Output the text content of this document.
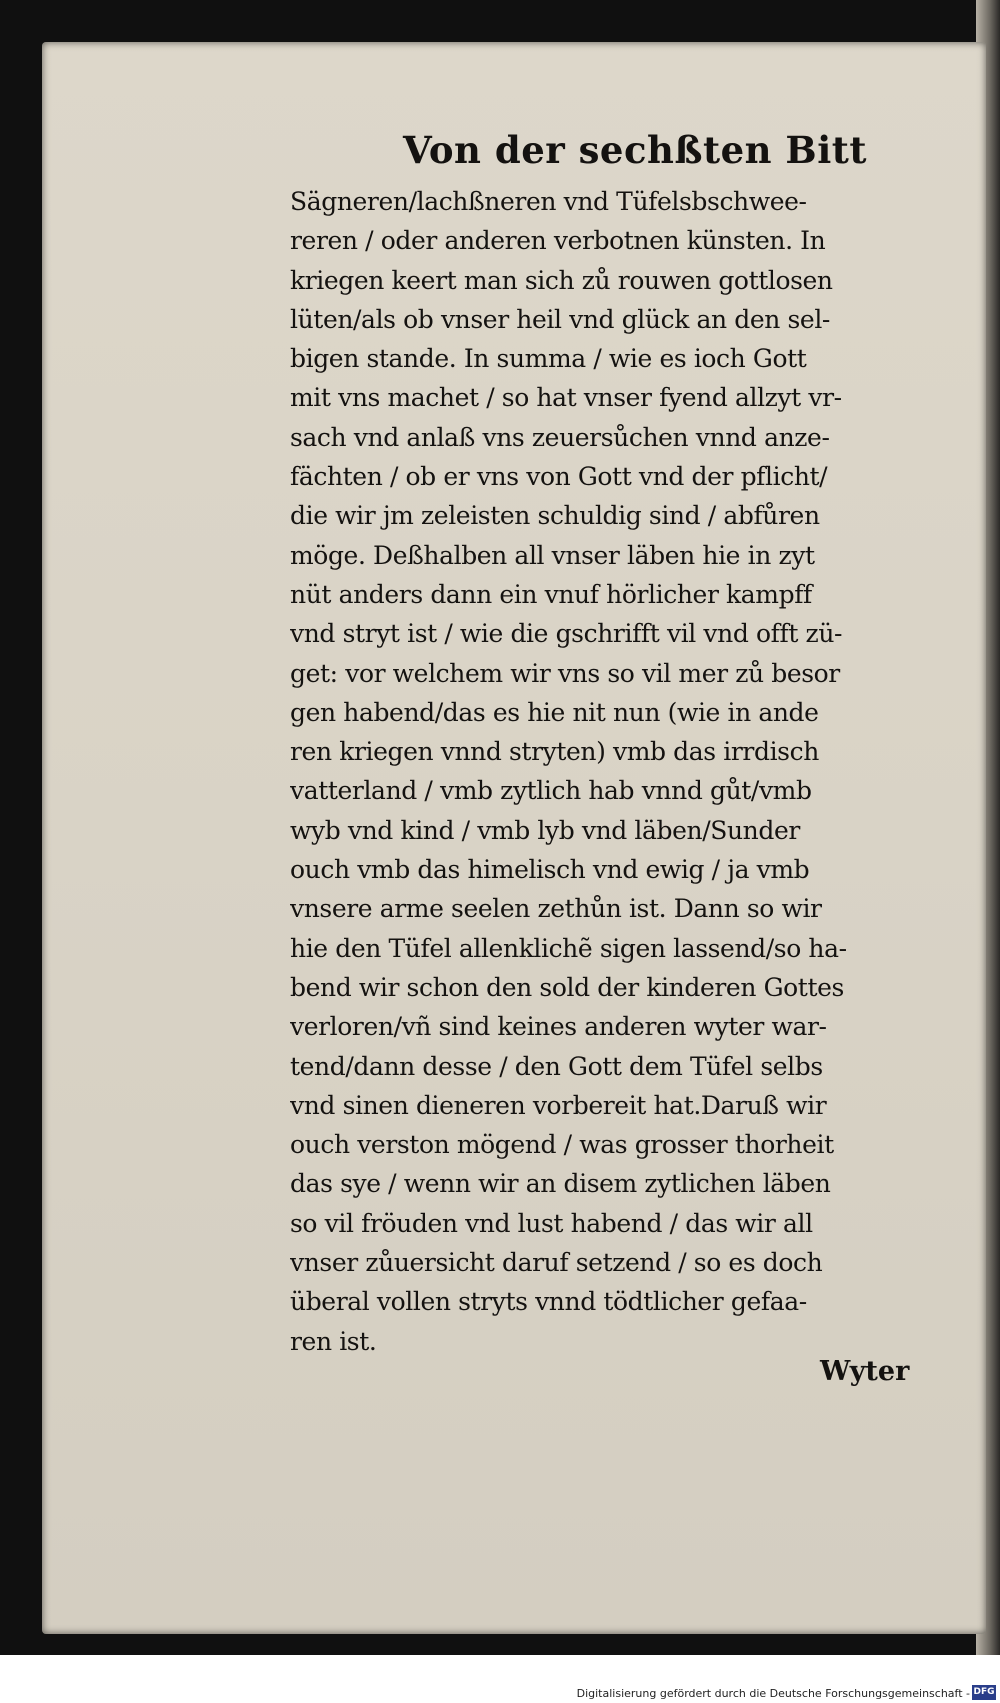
Von der sechßten Bitt
Sägneren/lachßneren vnd Tüfelsbschwee-
reren / oder anderen verbotnen künsten. In
kriegen keert man sich zů rouwen gottlosen
lüten/als ob vnser heil vnd glück an den sel-
bigen stande. In summa / wie es ioch Gott
mit vns machet / so hat vnser fyend allzyt vr-
sach vnd anlaß vns zeuersůchen vnnd anze-
fächten / ob er vns von Gott vnd der pflicht/
die wir jm zeleisten schuldig sind / abfůren
möge. Deßhalben all vnser läben hie in zyt
nüt anders dann ein vnuf hörlicher kampff
vnd stryt ist / wie die gschrifft vil vnd offt zü-
get: vor welchem wir vns so vil mer zů besor
gen habend/das es hie nit nun (wie in ande
ren kriegen vnnd stryten) vmb das irrdisch
vatterland / vmb zytlich hab vnnd gůt/vmb
wyb vnd kind / vmb lyb vnd läben/Sunder
ouch vmb das himelisch vnd ewig / ja vmb
vnsere arme seelen zethůn ist. Dann so wir
hie den Tüfel allenklichẽ sigen lassend/so ha-
bend wir schon den sold der kinderen Gottes
verloren/vñ sind keines anderen wyter war-
tend/dann desse / den Gott dem Tüfel selbs
vnd sinen dieneren vorbereit hat.Daruß wir
ouch verston mögend / was grosser thorheit
das sye / wenn wir an disem zytlichen läben
so vil fröuden vnd lust habend / das wir all
vnser zůuersicht daruf setzend / so es doch
überal vollen stryts vnnd tödtlicher gefaa-
ren ist.
Wyter
Digitalisierung gefördert durch die Deutsche Forschungsgemeinschaft - DFG
